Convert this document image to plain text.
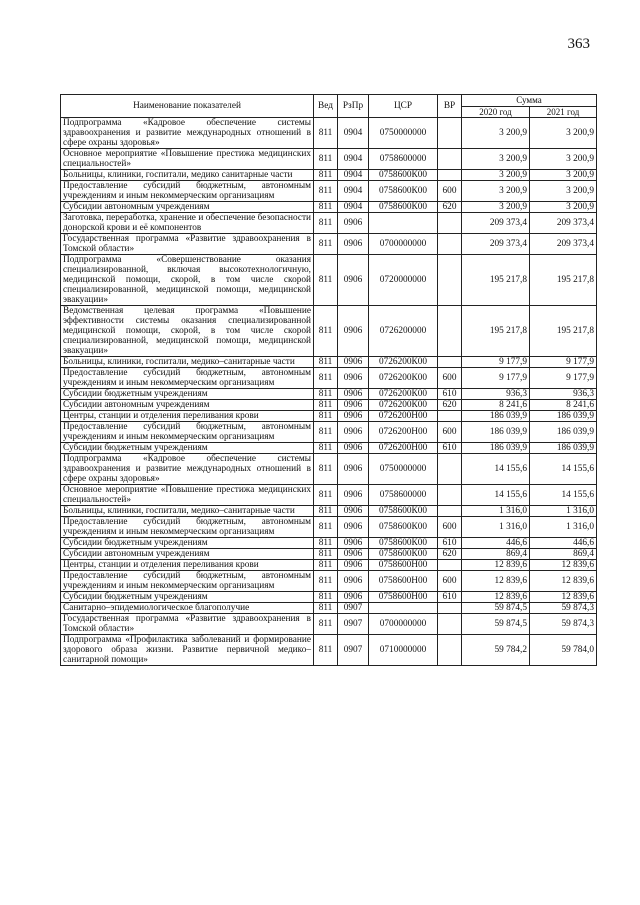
363
Наименование показателей	Вед	РзПр	ЦСР	ВР	Сумма	
					2020 год	2021 год
Подпрограмма «Кадровое обеспечение системы здравоохранения и развитие международных отношений в сфере охраны здоровья»	811	0904	0750000000		3 200,9	3 200,9
Основное мероприятие «Повышение престижа медицинских специальностей»	811	0904	0758600000		3 200,9	3 200,9
Больницы, клиники, госпитали, медико санитарные части	811	0904	0758600К00		3 200,9	3 200,9
Предоставление субсидий бюджетным, автономным учреждениям и иным некоммерческим организациям	811	0904	0758600К00	600	3 200,9	3 200,9
Субсидии автономным учреждениям	811	0904	0758600К00	620	3 200,9	3 200,9
Заготовка, переработка, хранение и обеспечение безопасности донорской крови и её компонентов	811	0906			209 373,4	209 373,4
Государственная программа «Развитие здравоохранения в Томской области»	811	0906	0700000000		209 373,4	209 373,4
Подпрограмма «Совершенствование оказания специализированной, включая высокотехнологичную, медицинской помощи, скорой, в том числе скорой специализированной, медицинской помощи, медицинской эвакуации»	811	0906	0720000000		195 217,8	195 217,8
Ведомственная целевая программа «Повышение эффективности системы оказания специализированной медицинской помощи, скорой, в том числе скорой специализированной, медицинской помощи, медицинской эвакуации»	811	0906	0726200000		195 217,8	195 217,8
Больницы, клиники, госпитали, медико–санитарные части	811	0906	0726200К00		9 177,9	9 177,9
Предоставление субсидий бюджетным, автономным учреждениям и иным некоммерческим организациям	811	0906	0726200К00	600	9 177,9	9 177,9
Субсидии бюджетным учреждениям	811	0906	0726200К00	610	936,3	936,3
Субсидии автономным учреждениям	811	0906	0726200К00	620	8 241,6	8 241,6
Центры, станции и отделения переливания крови	811	0906	0726200Н00		186 039,9	186 039,9
Предоставление субсидий бюджетным, автономным учреждениям и иным некоммерческим организациям	811	0906	0726200Н00	600	186 039,9	186 039,9
Субсидии бюджетным учреждениям	811	0906	0726200Н00	610	186 039,9	186 039,9
Подпрограмма «Кадровое обеспечение системы здравоохранения и развитие международных отношений в сфере охраны здоровья»	811	0906	0750000000		14 155,6	14 155,6
Основное мероприятие «Повышение престижа медицинских специальностей»	811	0906	0758600000		14 155,6	14 155,6
Больницы, клиники, госпитали, медико–санитарные части	811	0906	0758600К00		1 316,0	1 316,0
Предоставление субсидий бюджетным, автономным учреждениям и иным некоммерческим организациям	811	0906	0758600К00	600	1 316,0	1 316,0
Субсидии бюджетным учреждениям	811	0906	0758600К00	610	446,6	446,6
Субсидии автономным учреждениям	811	0906	0758600К00	620	869,4	869,4
Центры, станции и отделения переливания крови	811	0906	0758600Н00		12 839,6	12 839,6
Предоставление субсидий бюджетным, автономным учреждениям и иным некоммерческим организациям	811	0906	0758600Н00	600	12 839,6	12 839,6
Субсидии бюджетным учреждениям	811	0906	0758600Н00	610	12 839,6	12 839,6
Санитарно–эпидемиологическое благополучие	811	0907			59 874,5	59 874,3
Государственная программа «Развитие здравоохранения в Томской области»	811	0907	0700000000		59 874,5	59 874,3
Подпрограмма «Профилактика заболеваний и формирование здорового образа жизни. Развитие первичной медико–санитарной помощи»	811	0907	0710000000		59 784,2	59 784,0
